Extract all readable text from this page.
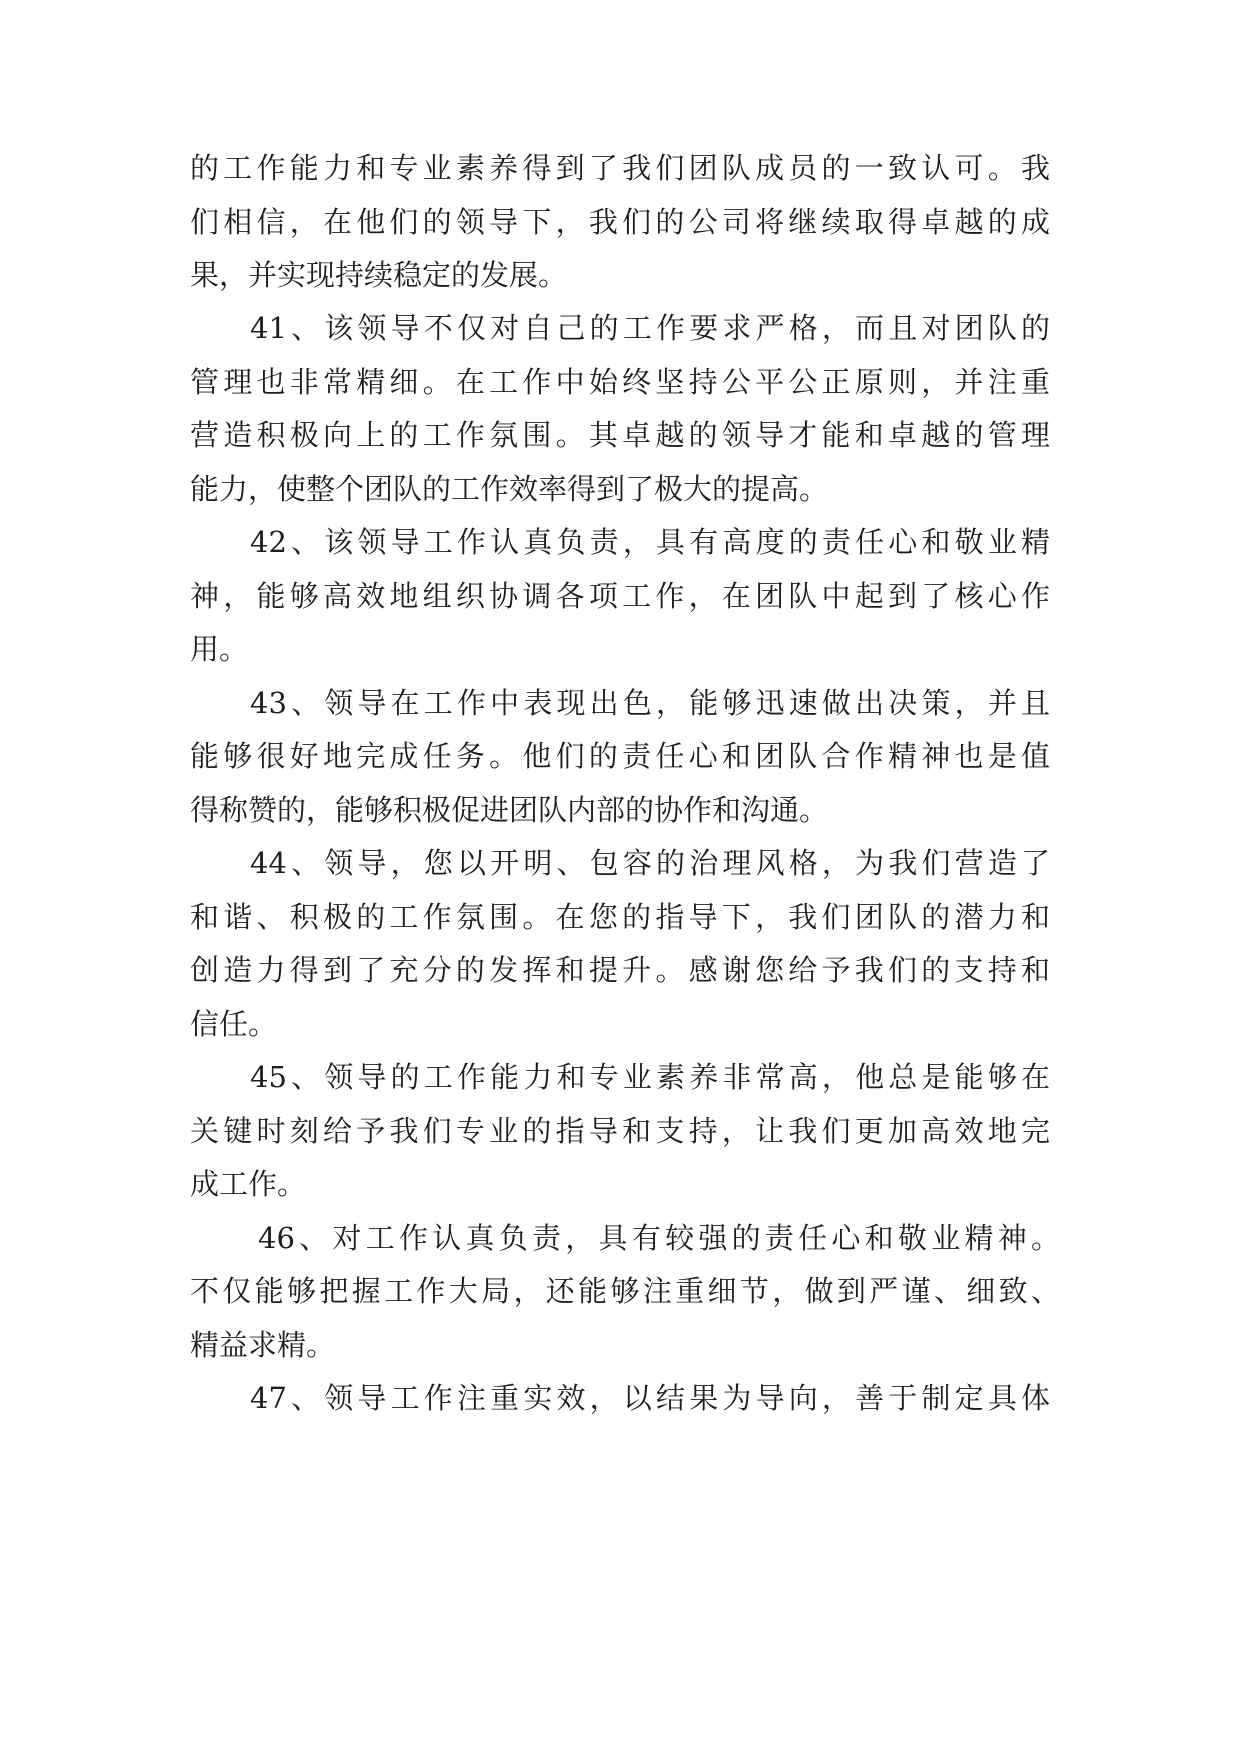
的工作能力和专业素养得到了我们团队成员的一致认可。我
们相信，在他们的领导下，我们的公司将继续取得卓越的成
果，并实现持续稳定的发展。
41、该领导不仅对自己的工作要求严格，而且对团队的
管理也非常精细。在工作中始终坚持公平公正原则，并注重
营造积极向上的工作氛围。其卓越的领导才能和卓越的管理
能力，使整个团队的工作效率得到了极大的提高。
42、该领导工作认真负责，具有高度的责任心和敬业精
神，能够高效地组织协调各项工作，在团队中起到了核心作
用。
43、领导在工作中表现出色，能够迅速做出决策，并且
能够很好地完成任务。他们的责任心和团队合作精神也是值
得称赞的，能够积极促进团队内部的协作和沟通。
44、领导，您以开明、包容的治理风格，为我们营造了
和谐、积极的工作氛围。在您的指导下，我们团队的潜力和
创造力得到了充分的发挥和提升。感谢您给予我们的支持和
信任。
45、领导的工作能力和专业素养非常高，他总是能够在
关键时刻给予我们专业的指导和支持，让我们更加高效地完
成工作。
46、对工作认真负责，具有较强的责任心和敬业精神。
不仅能够把握工作大局，还能够注重细节，做到严谨、细致、
精益求精。
47、领导工作注重实效，以结果为导向，善于制定具体
